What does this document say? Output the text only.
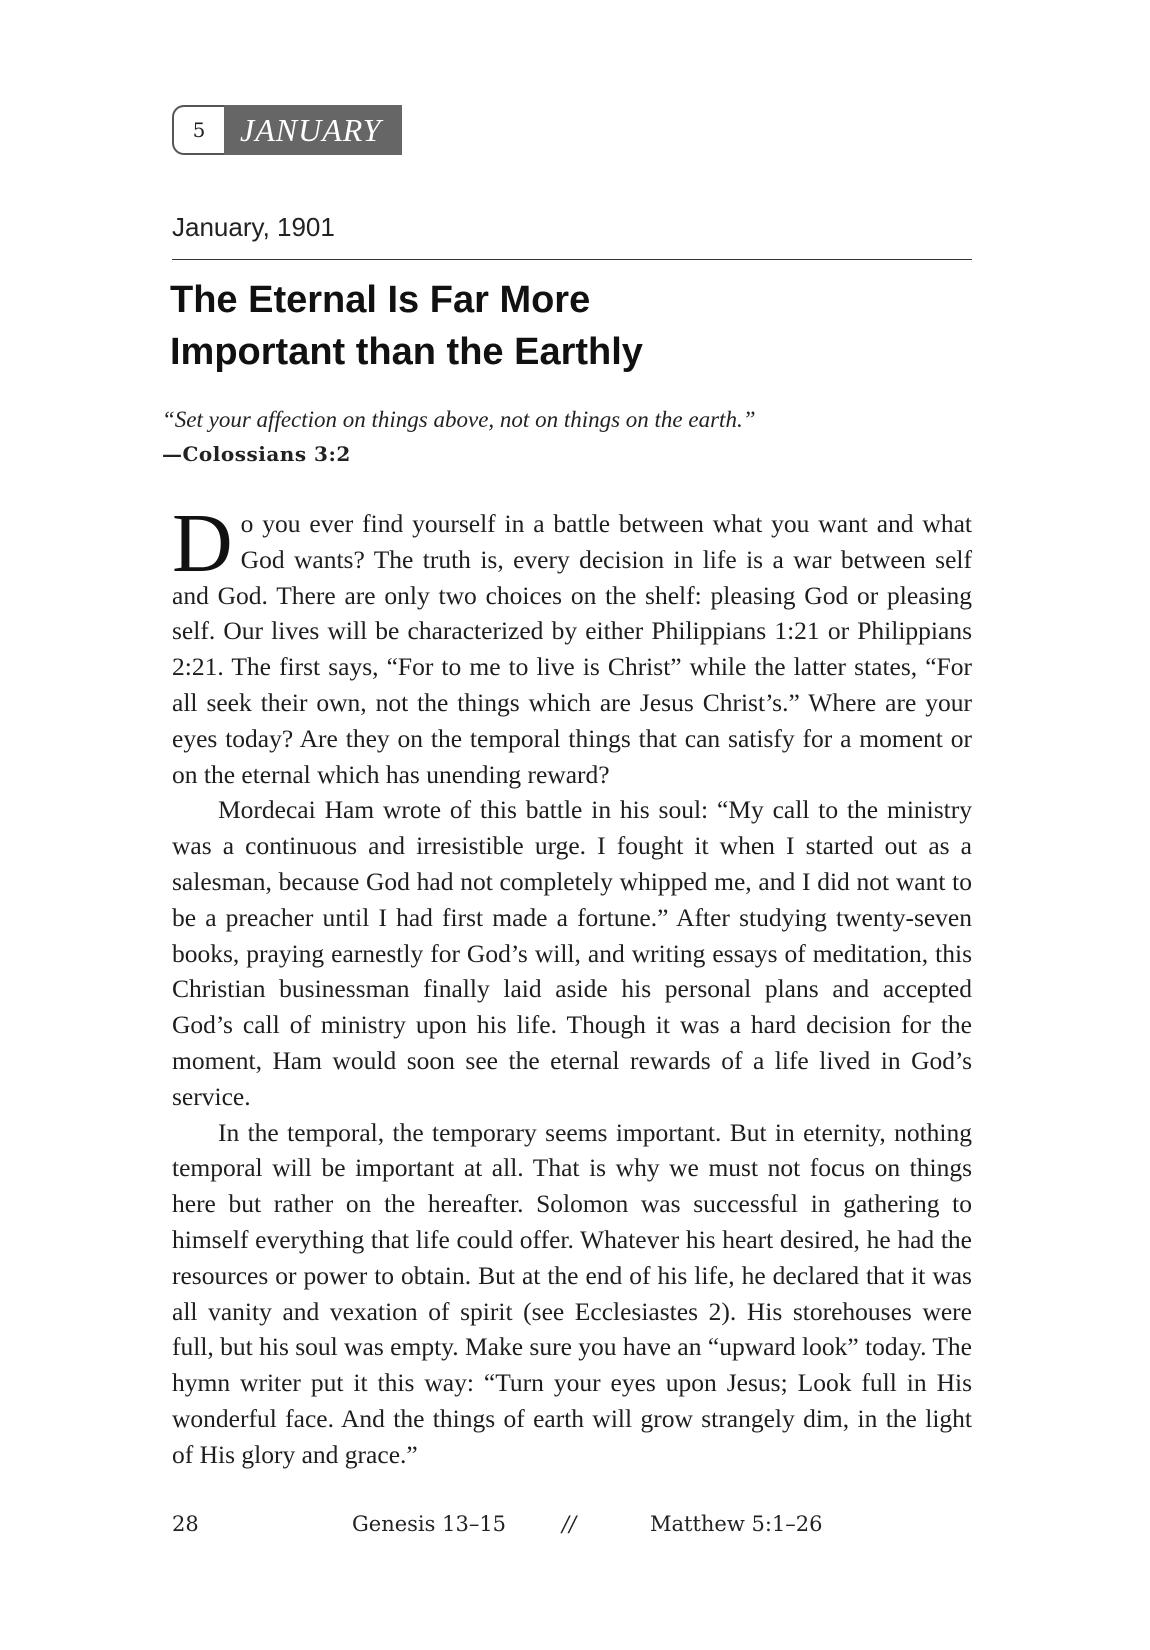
5	JANUARY
January, 1901
The Eternal Is Far More
Important than the Earthly
“Set your affection on things above, not on things on the earth.”
—Colossians 3:2

Do you ever find yourself in a battle between what you want and what God wants? The truth is, every decision in life is a war between self and God. There are only two choices on the shelf: pleasing God or pleasing self. Our lives will be characterized by either Philippians 1:21 or Philippians 2:21. The first says, “For to me to live is Christ” while the latter states, “For all seek their own, not the things which are Jesus Christ’s.” Where are your eyes today? Are they on the temporal things that can satisfy for a moment or on the eternal which has unending reward?

Mordecai Ham wrote of this battle in his soul: “My call to the ministry was a continuous and irresistible urge. I fought it when I started out as a salesman, because God had not completely whipped me, and I did not want to be a preacher until I had first made a fortune.” After studying twenty-seven books, praying earnestly for God’s will, and writing essays of meditation, this Christian businessman finally laid aside his personal plans and accepted God’s call of ministry upon his life. Though it was a hard decision for the moment, Ham would soon see the eternal rewards of a life lived in God’s service.

In the temporal, the temporary seems important. But in eternity, nothing temporal will be important at all. That is why we must not focus on things here but rather on the hereafter. Solomon was successful in gathering to himself everything that life could offer. Whatever his heart desired, he had the resources or power to obtain. But at the end of his life, he declared that it was all vanity and vexation of spirit (see Ecclesiastes 2). His storehouses were full, but his soul was empty. Make sure you have an “upward look” today. The hymn writer put it this way: “Turn your eyes upon Jesus; Look full in His wonderful face. And the things of earth will grow strangely dim, in the light of His glory and grace.”

28	Genesis 13–15	//	Matthew 5:1–26
